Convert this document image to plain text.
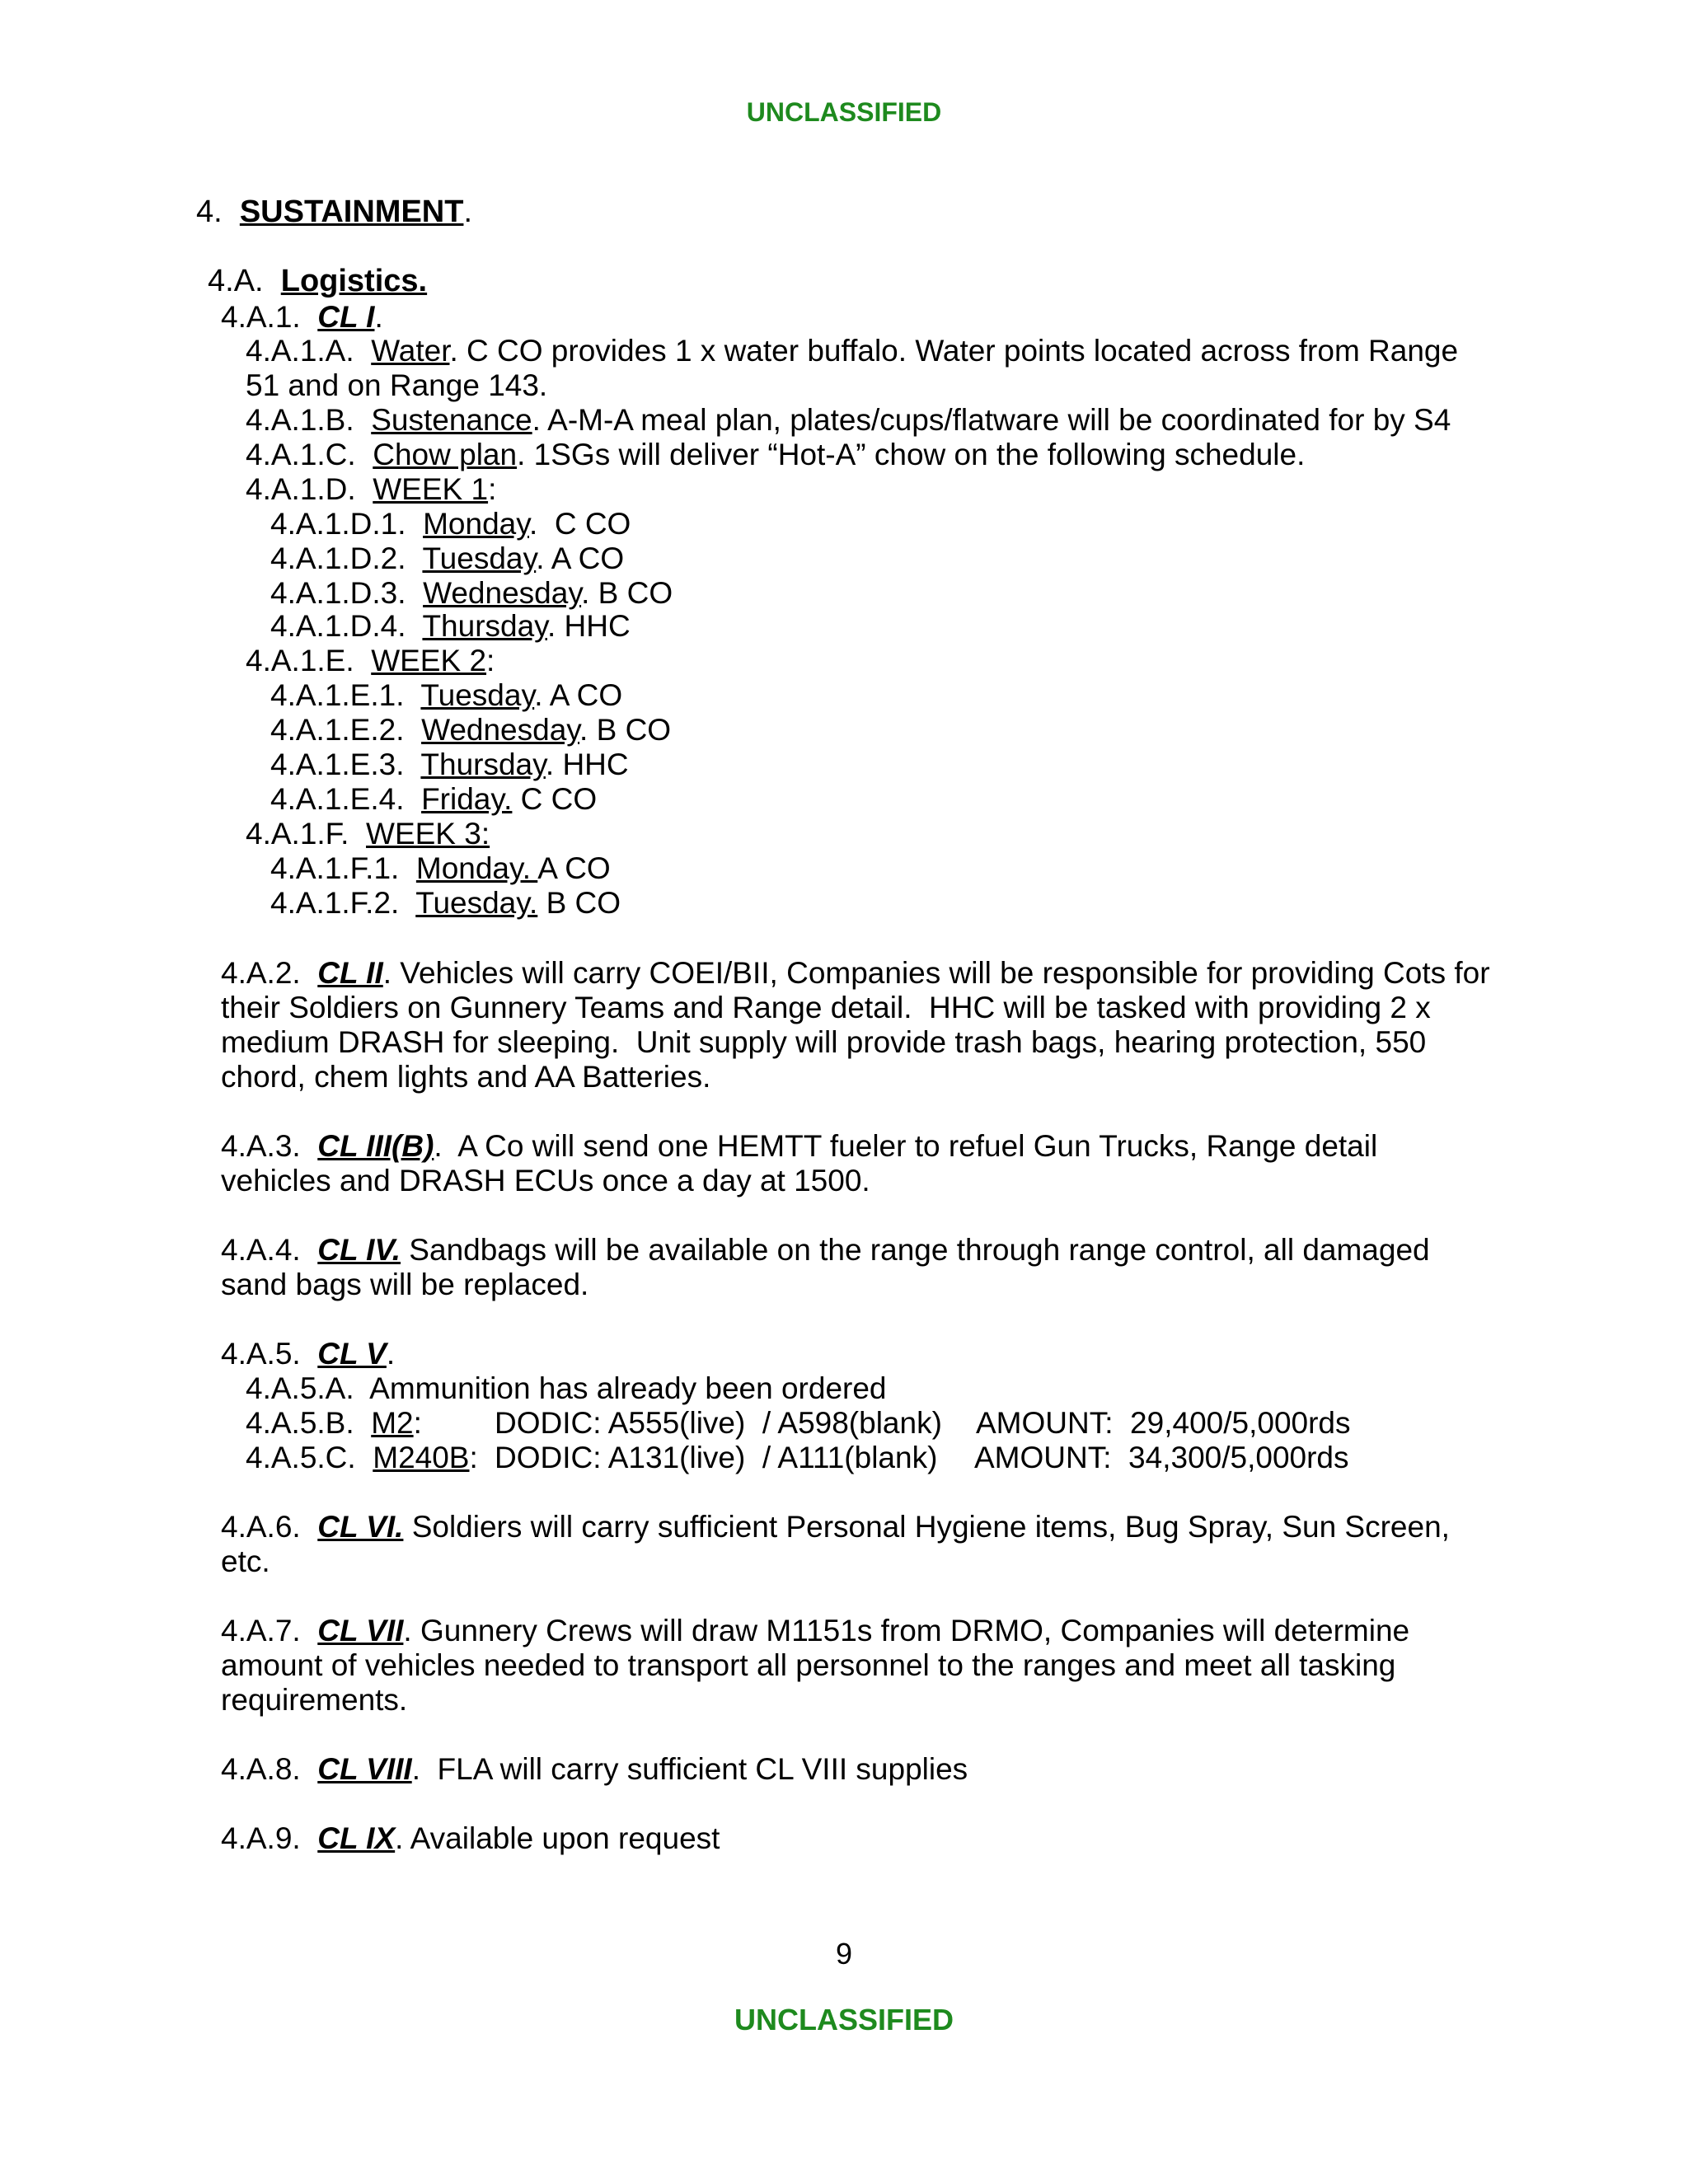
UNCLASSIFIED
4. SUSTAINMENT.
4.A. Logistics.
4.A.1. CL I.
4.A.1.A. Water. C CO provides 1 x water buffalo. Water points located across from Range
51 and on Range 143.
4.A.1.B. Sustenance. A-M-A meal plan, plates/cups/flatware will be coordinated for by S4
4.A.1.C. Chow plan. 1SGs will deliver “Hot-A” chow on the following schedule.
4.A.1.D. WEEK 1:
4.A.1.D.1. Monday.  C CO
4.A.1.D.2. Tuesday. A CO
4.A.1.D.3. Wednesday. B CO
4.A.1.D.4. Thursday. HHC
4.A.1.E. WEEK 2:
4.A.1.E.1. Tuesday. A CO
4.A.1.E.2. Wednesday. B CO
4.A.1.E.3. Thursday. HHC
4.A.1.E.4. Friday. C CO
4.A.1.F. WEEK 3:
4.A.1.F.1. Monday. A CO
4.A.1.F.2. Tuesday. B CO
4.A.2. CL II. Vehicles will carry COEI/BII, Companies will be responsible for providing Cots for
their Soldiers on Gunnery Teams and Range detail.  HHC will be tasked with providing 2 x
medium DRASH for sleeping.  Unit supply will provide trash bags, hearing protection, 550
chord, chem lights and AA Batteries.
4.A.3. CL III(B).  A Co will send one HEMTT fueler to refuel Gun Trucks, Range detail
vehicles and DRASH ECUs once a day at 1500.
4.A.4. CL IV. Sandbags will be available on the range through range control, all damaged
sand bags will be replaced.
4.A.5. CL V.
4.A.5.A. Ammunition has already been ordered
4.A.5.B. M2: DODIC: A555(live)  / A598(blank) AMOUNT:  29,400/5,000rds
4.A.5.C. M240B: DODIC: A131(live)  / A111(blank) AMOUNT:  34,300/5,000rds
4.A.6. CL VI. Soldiers will carry sufficient Personal Hygiene items, Bug Spray, Sun Screen,
etc.
4.A.7. CL VII. Gunnery Crews will draw M1151s from DRMO, Companies will determine
amount of vehicles needed to transport all personnel to the ranges and meet all tasking
requirements.
4.A.8. CL VIII.  FLA will carry sufficient CL VIII supplies
4.A.9. CL IX. Available upon request
9
UNCLASSIFIED
